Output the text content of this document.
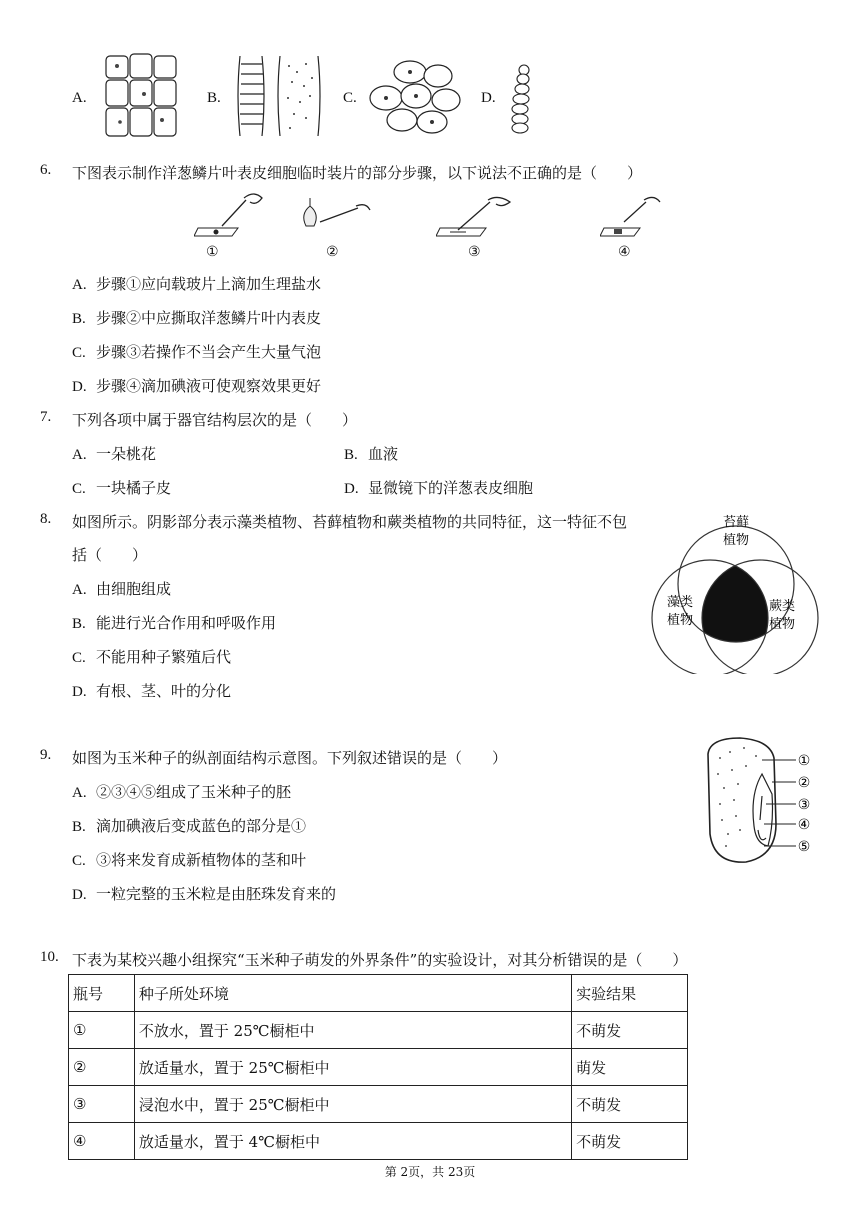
A.	B.	C.	D.
6. 下图表示制作洋葱鳞片叶表皮细胞临时装片的部分步骤，以下说法不正确的是（　　）
①	②	③	④
A. 步骤①应向载玻片上滴加生理盐水
B. 步骤②中应撕取洋葱鳞片叶内表皮
C. 步骤③若操作不当会产生大量气泡
D. 步骤④滴加碘液可使观察效果更好
7. 下列各项中属于器官结构层次的是（　　）
A. 一朵桃花	B. 血液
C. 一块橘子皮	D. 显微镜下的洋葱表皮细胞
8. 如图所示。阴影部分表示藻类植物、苔藓植物和蕨类植物的共同特征，这一特征不包
括（　　）
苔藓
植物
藻类
植物
蕨类
植物
A. 由细胞组成
B. 能进行光合作用和呼吸作用
C. 不能用种子繁殖后代
D. 有根、茎、叶的分化
9. 如图为玉米种子的纵剖面结构示意图。下列叙述错误的是（　　）	①
②
③
④
⑤
A. ②③④⑤组成了玉米种子的胚
B. 滴加碘液后变成蓝色的部分是①
C. ③将来发育成新植物体的茎和叶
D. 一粒完整的玉米粒是由胚珠发育来的
10. 下表为某校兴趣小组探究“玉米种子萌发的外界条件”的实验设计，对其分析错误的是（　　）
瓶号	种子所处环境	实验结果
①	不放水，置于 25℃橱柜中	不萌发
②	放适量水，置于 25℃橱柜中	萌发
③	浸泡水中，置于 25℃橱柜中	不萌发
④	放适量水，置于 4℃橱柜中	不萌发
第 2页，共 23页
